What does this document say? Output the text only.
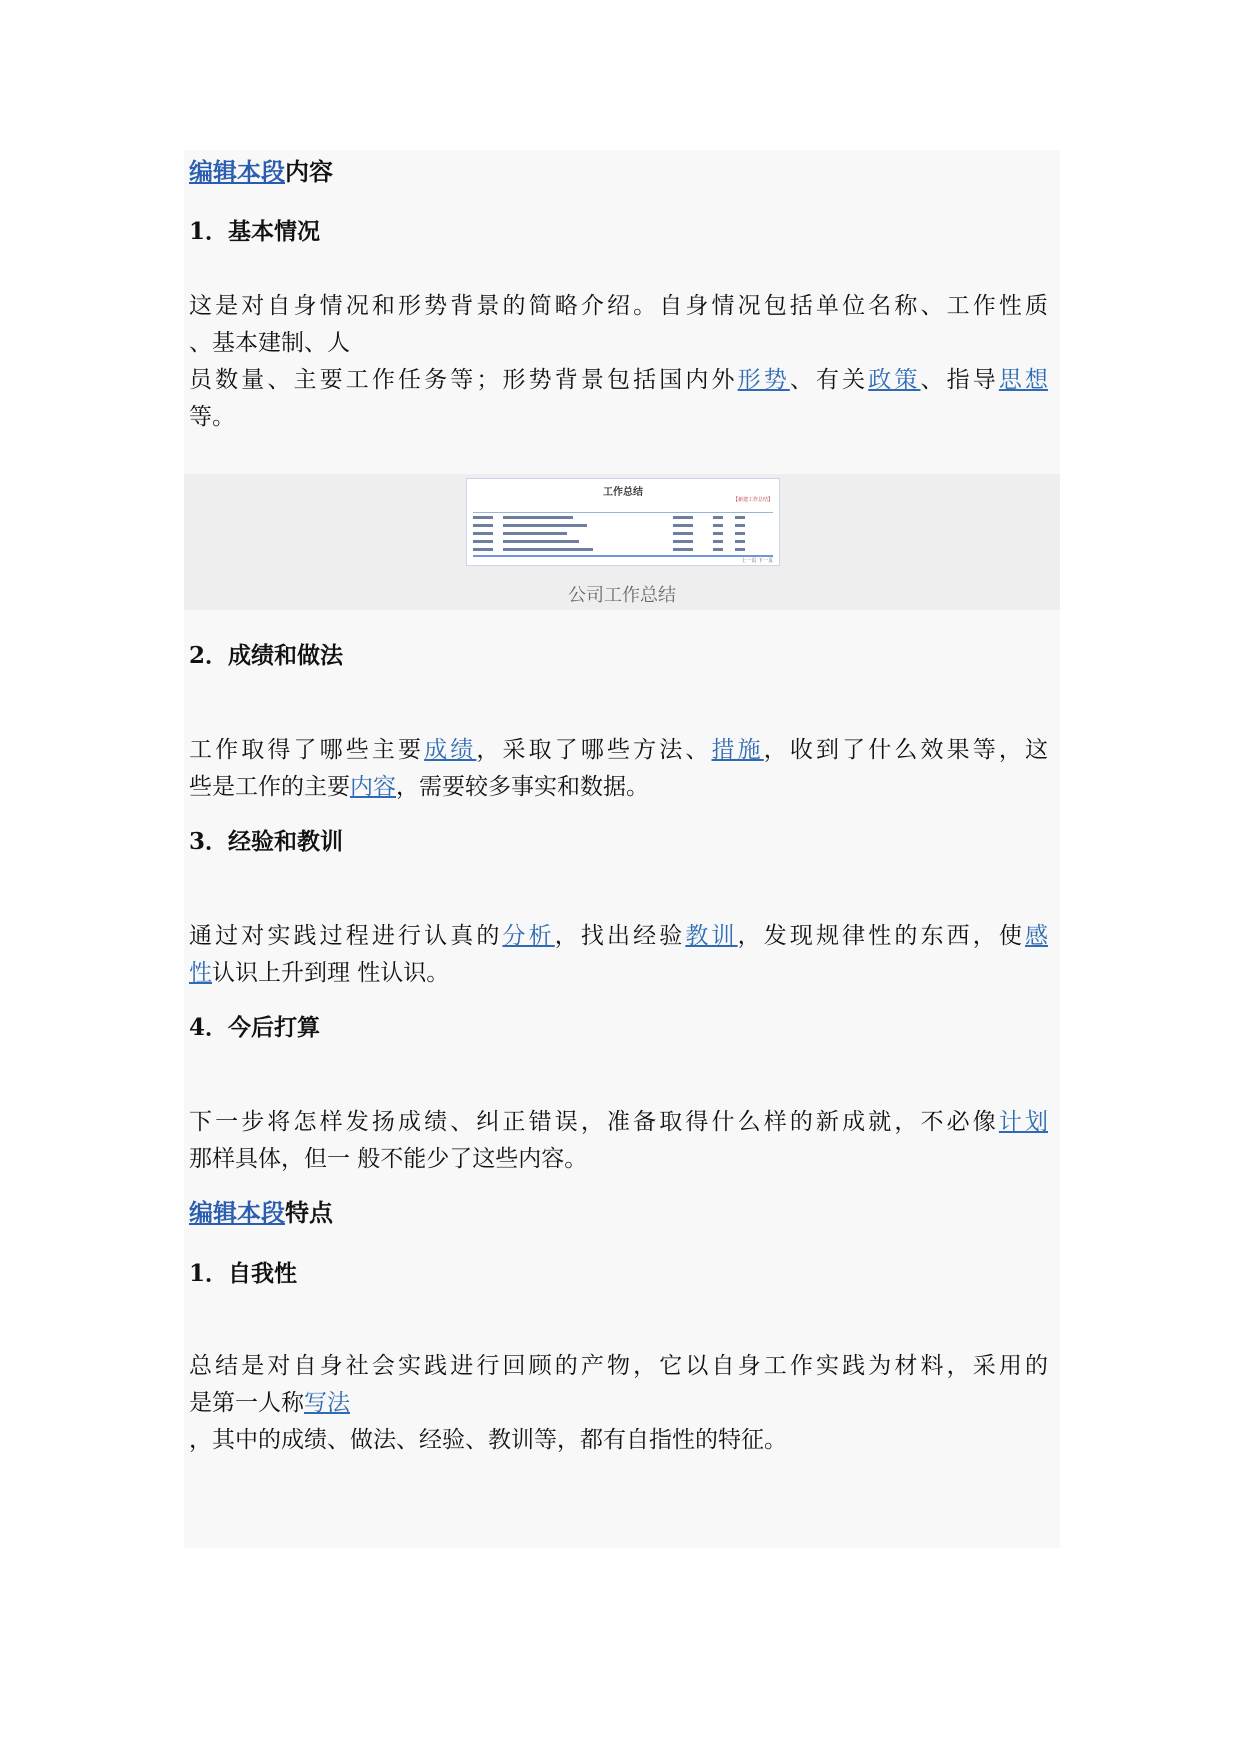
编辑本段内容
1．基本情况
这是对自身情况和形势背景的简略介绍。自身情况包括单位名称、工作性质
、基本建制、人
员数量、主要工作任务等；形势背景包括国内外形势、有关政策、指导思想
等。
工作总结
【新建工作总结】
上一页 下一页
公司工作总结
2．成绩和做法
工作取得了哪些主要成绩，采取了哪些方法、措施，收到了什么效果等，这
些是工作的主要内容，需要较多事实和数据。
3．经验和教训
通过对实践过程进行认真的分析，找出经验教训，发现规律性的东西，使感
性认识上升到理 性认识。
4．今后打算
下一步将怎样发扬成绩、纠正错误，准备取得什么样的新成就，不必像计划
那样具体，但一 般不能少了这些内容。
编辑本段特点
1．自我性
总结是对自身社会实践进行回顾的产物，它以自身工作实践为材料，采用的
是第一人称写法
，其中的成绩、做法、经验、教训等，都有自指性的特征。
